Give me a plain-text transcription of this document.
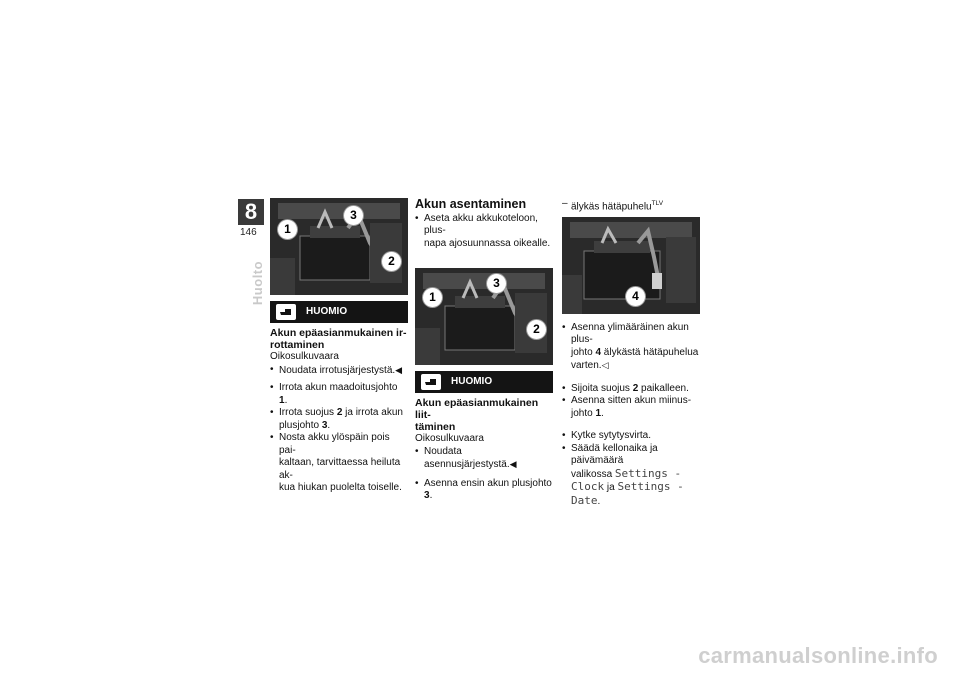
8
146
Huolto
1
2
3
HUOMIO
Akun epäasianmukainen ir-
rottaminen

Oikosulkuvaara

• Noudata irrotusjärjestystä.◀
• Irrota akun maadoitusjohto 1.
• Irrota suojus 2 ja irrota akun
plusjohto 3.
• Nosta akku ylöspäin pois pai-
kaltaan, tarvittaessa heiluta ak-
kua hiukan puolelta toiselle.
Akun asentaminen
• Aseta akku akkukoteloon, plus-
napa ajosuunnassa oikealle.
1
2
3
HUOMIO
Akun epäasianmukainen liit-
täminen

Oikosulkuvaara

• Noudata asennusjärjestystä.◀
• Asenna ensin akun plusjohto 3.
– älykäs hätäpuhelu$^{TLV}$
4
• Asenna ylimääräinen akun plus-
johto 4 älykästä hätäpuhelua
varten.◁
• Sijoita suojus 2 paikalleen.
• Asenna sitten akun miinus-
johto 1.
• Kytke sytytysvirta.
• Säädä kellonaika ja päivämäärä
valikossa Settings -
Clock ja Settings -
Date.
carmanualsonline.info
